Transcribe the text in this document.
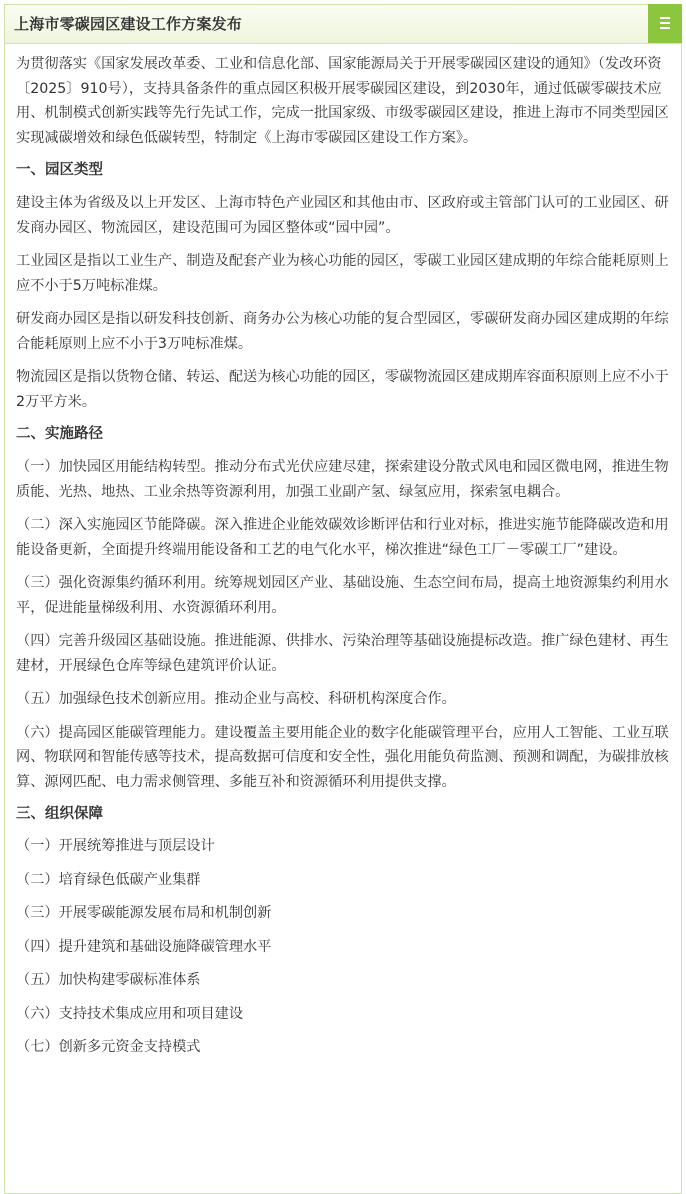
上海市零碳园区建设工作方案发布

为贯彻落实《国家发展改革委、工业和信息化部、国家能源局关于开展零碳园区建设的通知》（发改环资〔2025〕910号），支持具备条件的重点园区积极开展零碳园区建设，到2030年，通过低碳零碳技术应用、机制模式创新实践等先行先试工作，完成一批国家级、市级零碳园区建设，推进上海市不同类型园区实现减碳增效和绿色低碳转型，特制定《上海市零碳园区建设工作方案》。

一、园区类型

建设主体为省级及以上开发区、上海市特色产业园区和其他由市、区政府或主管部门认可的工业园区、研发商办园区、物流园区，建设范围可为园区整体或“园中园”。

工业园区是指以工业生产、制造及配套产业为核心功能的园区，零碳工业园区建成期的年综合能耗原则上应不小于5万吨标准煤。

研发商办园区是指以研发科技创新、商务办公为核心功能的复合型园区，零碳研发商办园区建成期的年综合能耗原则上应不小于3万吨标准煤。

物流园区是指以货物仓储、转运、配送为核心功能的园区，零碳物流园区建成期库容面积原则上应不小于2万平方米。

二、实施路径

（一）加快园区用能结构转型。推动分布式光伏应建尽建，探索建设分散式风电和园区微电网，推进生物质能、光热、地热、工业余热等资源利用，加强工业副产氢、绿氢应用，探索氢电耦合。

（二）深入实施园区节能降碳。深入推进企业能效碳效诊断评估和行业对标，推进实施节能降碳改造和用能设备更新，全面提升终端用能设备和工艺的电气化水平，梯次推进“绿色工厂－零碳工厂”建设。

（三）强化资源集约循环利用。统筹规划园区产业、基础设施、生态空间布局，提高土地资源集约利用水平，促进能量梯级利用、水资源循环利用。

（四）完善升级园区基础设施。推进能源、供排水、污染治理等基础设施提标改造。推广绿色建材、再生建材，开展绿色仓库等绿色建筑评价认证。

（五）加强绿色技术创新应用。推动企业与高校、科研机构深度合作。

（六）提高园区能碳管理能力。建设覆盖主要用能企业的数字化能碳管理平台，应用人工智能、工业互联网、物联网和智能传感等技术，提高数据可信度和安全性，强化用能负荷监测、预测和调配，为碳排放核算、源网匹配、电力需求侧管理、多能互补和资源循环利用提供支撑。

三、组织保障
（一）开展统筹推进与顶层设计
（二）培育绿色低碳产业集群
（三）开展零碳能源发展布局和机制创新
（四）提升建筑和基础设施降碳管理水平
（五）加快构建零碳标准体系
（六）支持技术集成应用和项目建设
（七）创新多元资金支持模式
